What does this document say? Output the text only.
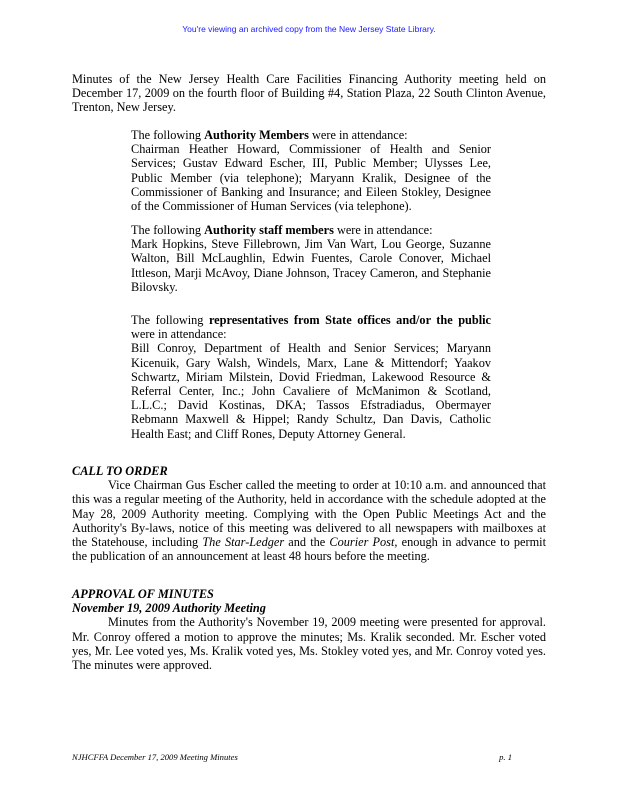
You're viewing an archived copy from the New Jersey State Library.

Minutes of the New Jersey Health Care Facilities Financing Authority meeting held on December 17, 2009 on the fourth floor of Building #4, Station Plaza, 22 South Clinton Avenue, Trenton, New Jersey.

The following Authority Members were in attendance:

Chairman Heather Howard, Commissioner of Health and Senior Services; Gustav Edward Escher, III, Public Member; Ulysses Lee, Public Member (via telephone); Maryann Kralik, Designee of the Commissioner of Banking and Insurance; and Eileen Stokley, Designee of the Commissioner of Human Services (via telephone).

The following Authority staff members were in attendance:

Mark Hopkins, Steve Fillebrown, Jim Van Wart, Lou George, Suzanne Walton, Bill McLaughlin, Edwin Fuentes, Carole Conover, Michael Ittleson, Marji McAvoy, Diane Johnson, Tracey Cameron, and Stephanie Bilovsky.

The following representatives from State offices and/or the public were in attendance:

Bill Conroy, Department of Health and Senior Services; Maryann Kicenuik, Gary Walsh, Windels, Marx, Lane & Mittendorf; Yaakov Schwartz, Miriam Milstein, Dovid Friedman, Lakewood Resource & Referral Center, Inc.; John Cavaliere of McManimon & Scotland, L.L.C.; David Kostinas, DKA; Tassos Efstradiadus, Obermayer Rebmann Maxwell & Hippel; Randy Schultz, Dan Davis, Catholic Health East; and Cliff Rones, Deputy Attorney General.

CALL TO ORDER

Vice Chairman Gus Escher called the meeting to order at 10:10 a.m. and announced that this was a regular meeting of the Authority, held in accordance with the schedule adopted at the May 28, 2009 Authority meeting. Complying with the Open Public Meetings Act and the Authority's By-laws, notice of this meeting was delivered to all newspapers with mailboxes at the Statehouse, including The Star-Ledger and the Courier Post, enough in advance to permit the publication of an announcement at least 48 hours before the meeting.

APPROVAL OF MINUTES
November 19, 2009 Authority Meeting

Minutes from the Authority's November 19, 2009 meeting were presented for approval. Mr. Conroy offered a motion to approve the minutes; Ms. Kralik seconded. Mr. Escher voted yes, Mr. Lee voted yes, Ms. Kralik voted yes, Ms. Stokley voted yes, and Mr. Conroy voted yes. The minutes were approved.

NJHCFFA December 17, 2009 Meeting Minutes	p. 1
